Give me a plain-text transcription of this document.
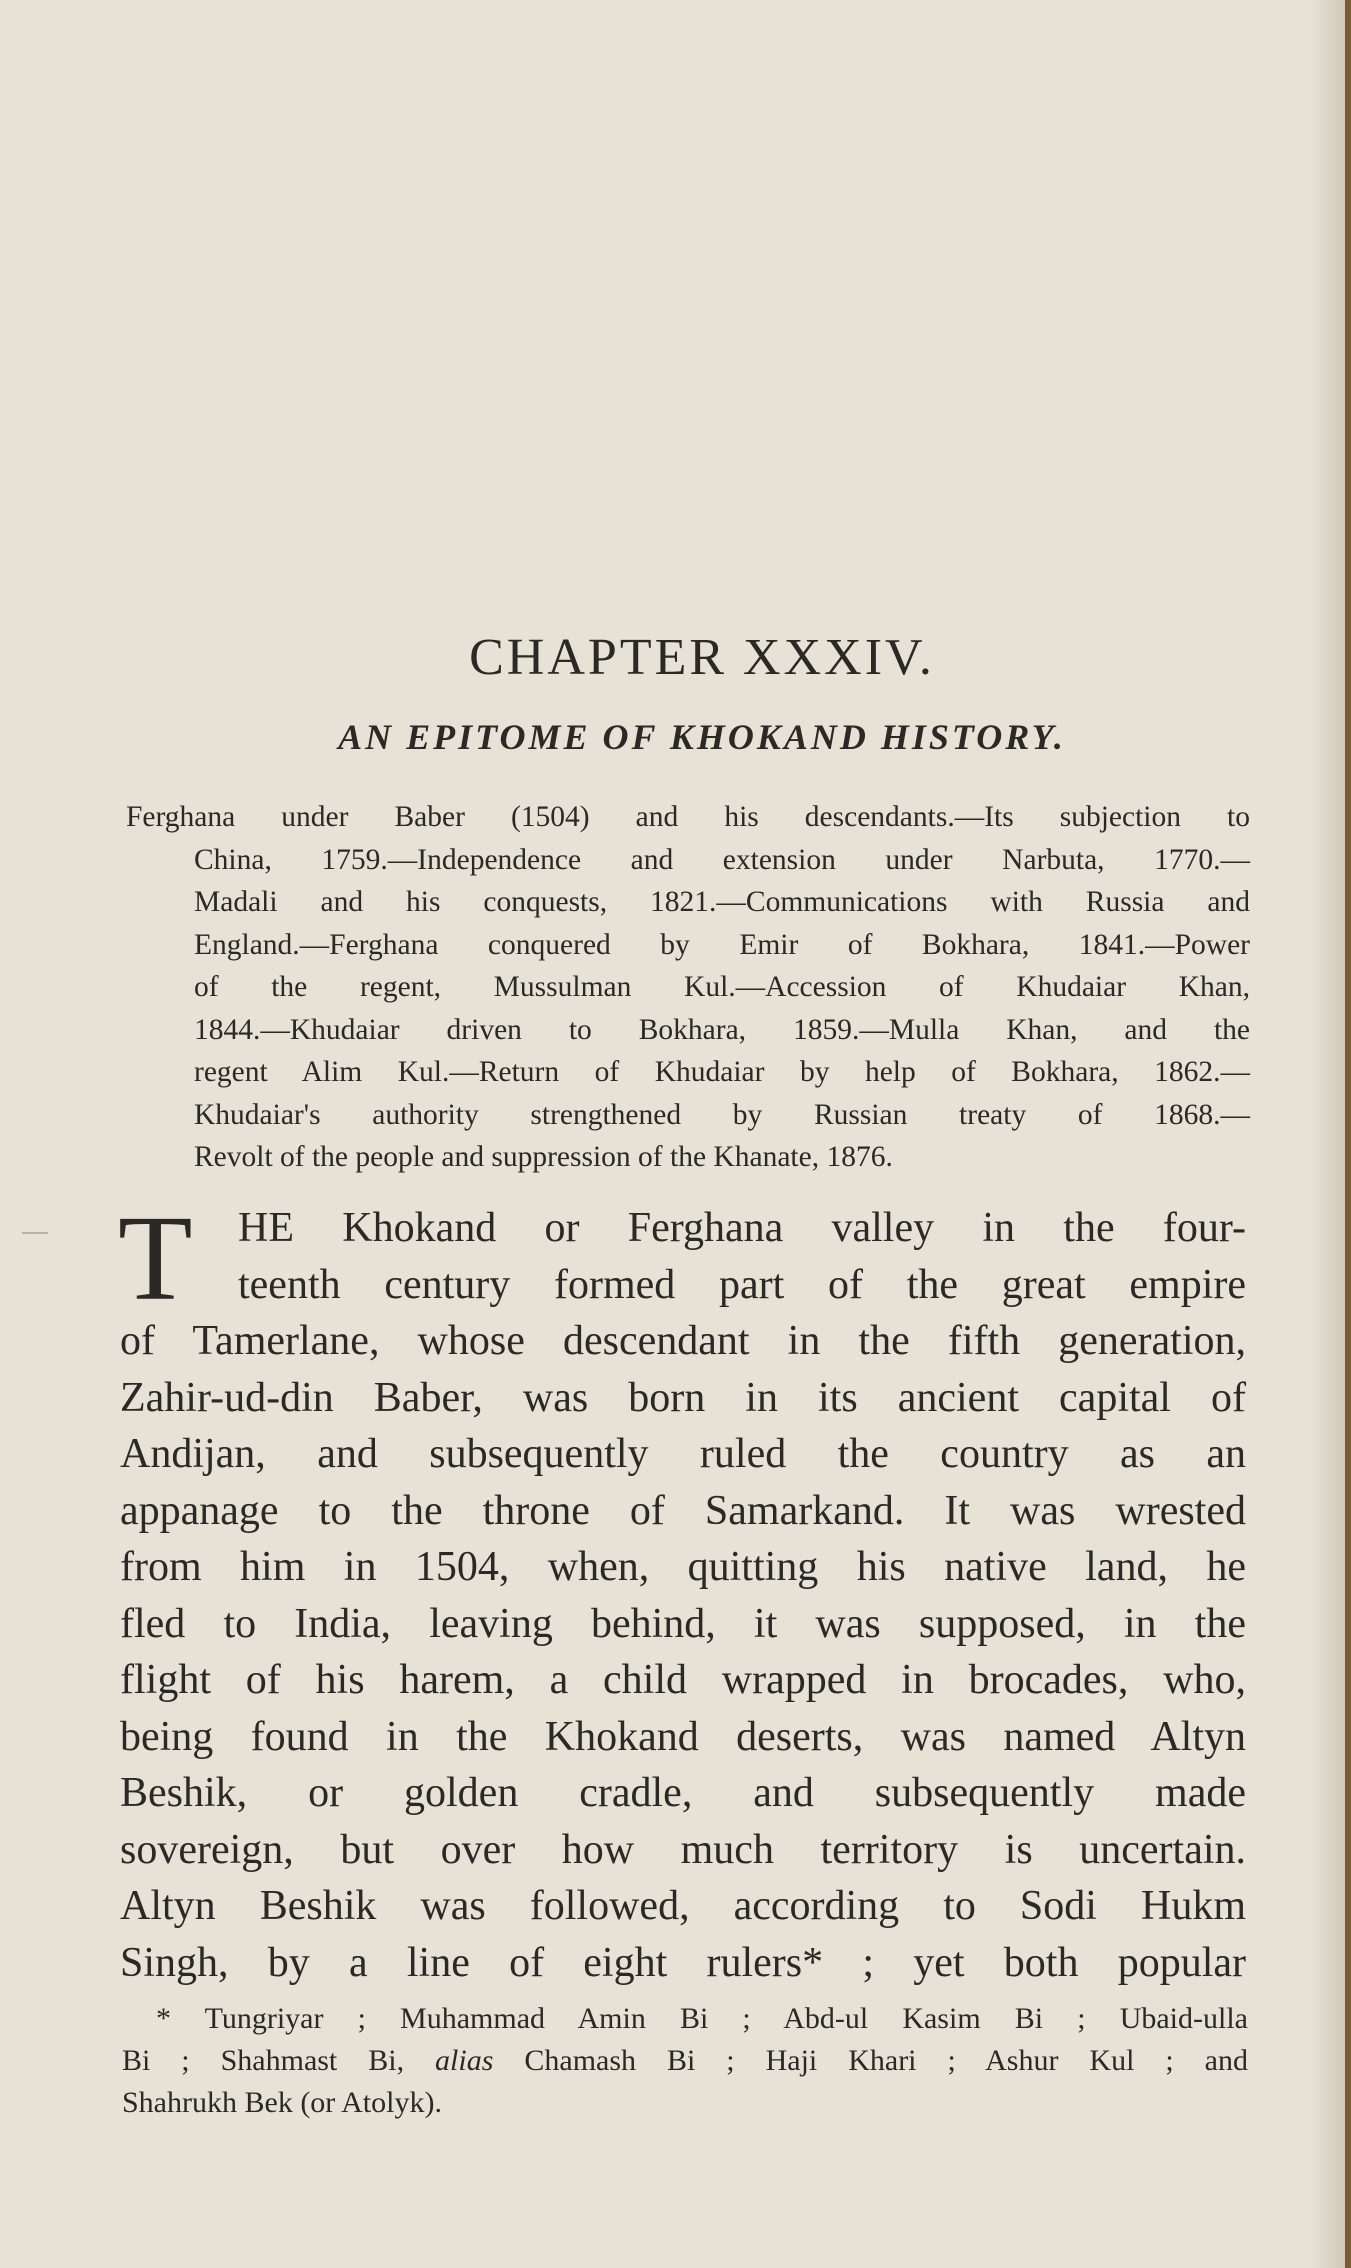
CHAPTER XXXIV.
AN EPITOME OF KHOKAND HISTORY.
Ferghana under Baber (1504) and his descendants.—Its subjection to
China, 1759.—Independence and extension under Narbuta, 1770.—
Madali and his conquests, 1821.—Communications with Russia and
England.—Ferghana conquered by Emir of Bokhara, 1841.—Power
of the regent, Mussulman Kul.—Accession of Khudaiar Khan,
1844.—Khudaiar driven to Bokhara, 1859.—Mulla Khan, and the
regent Alim Kul.—Return of Khudaiar by help of Bokhara, 1862.—
Khudaiar's authority strengthened by Russian treaty of 1868.—
Revolt of the people and suppression of the Khanate, 1876.
T HE Khokand or Ferghana valley in the four-
teenth century formed part of the great empire
of Tamerlane, whose descendant in the fifth generation,
Zahir-ud-din Baber, was born in its ancient capital of
Andijan, and subsequently ruled the country as an
appanage to the throne of Samarkand. It was wrested
from him in 1504, when, quitting his native land, he
fled to India, leaving behind, it was supposed, in the
flight of his harem, a child wrapped in brocades, who,
being found in the Khokand deserts, was named Altyn
Beshik, or golden cradle, and subsequently made
sovereign, but over how much territory is uncertain.
Altyn Beshik was followed, according to Sodi Hukm
Singh, by a line of eight rulers* ; yet both popular
* Tungriyar ; Muhammad Amin Bi ; Abd-ul Kasim Bi ; Ubaid-ulla
Bi ; Shahmast Bi, alias Chamash Bi ; Haji Khari ; Ashur Kul ; and
Shahrukh Bek (or Atolyk).
